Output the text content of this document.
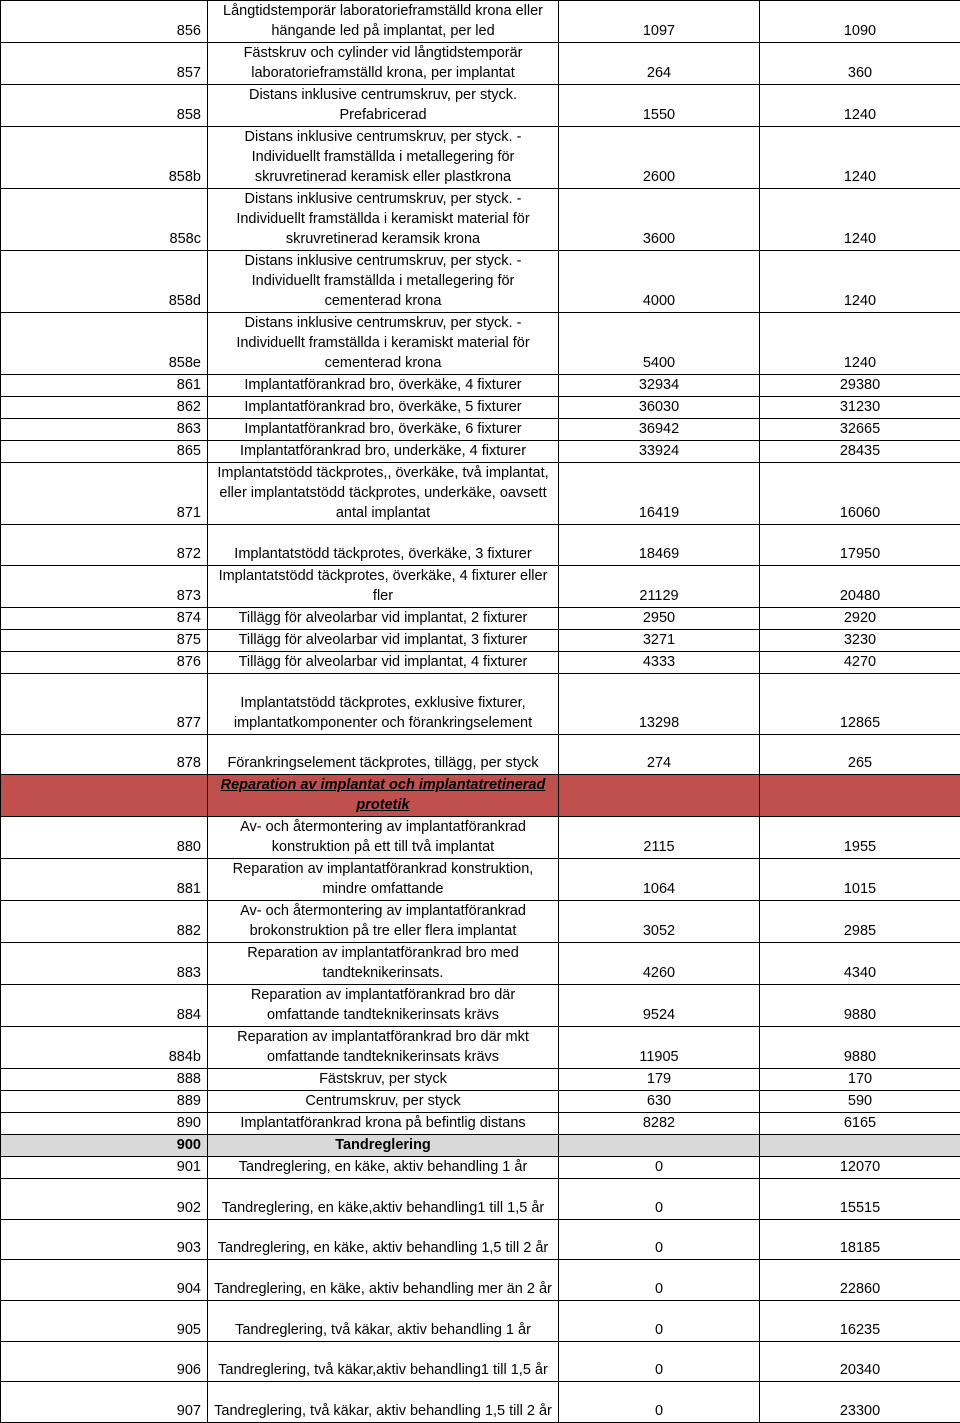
856	Långtidstemporär laboratorieframställd krona eller hängande led på implantat, per led	1097	1090
857	Fästskruv och cylinder vid långtidstemporär laboratorieframställd krona, per implantat	264	360
858	Distans inklusive centrumskruv, per styck. Prefabricerad	1550	1240
858b	Distans inklusive centrumskruv, per styck. - Individuellt framställda i metallegering för skruvretinerad keramisk eller plastkrona	2600	1240
858c	Distans inklusive centrumskruv, per styck. - Individuellt framställda i keramiskt material för skruvretinerad keramsik krona	3600	1240
858d	Distans inklusive centrumskruv, per styck. - Individuellt framställda i metallegering för cementerad krona	4000	1240
858e	Distans inklusive centrumskruv, per styck. - Individuellt framställda i keramiskt material för cementerad krona	5400	1240
861	Implantatförankrad bro, överkäke, 4 fixturer	32934	29380
862	Implantatförankrad bro, överkäke, 5 fixturer	36030	31230
863	Implantatförankrad bro, överkäke, 6 fixturer	36942	32665
865	Implantatförankrad bro, underkäke, 4 fixturer	33924	28435
871	Implantatstödd täckprotes,, överkäke, två implantat, eller implantatstödd täckprotes, underkäke, oavsett antal implantat	16419	16060
872	Implantatstödd täckprotes, överkäke, 3 fixturer	18469	17950
873	Implantatstödd täckprotes, överkäke, 4 fixturer eller fler	21129	20480
874	Tillägg för alveolarbar vid implantat, 2 fixturer	2950	2920
875	Tillägg för alveolarbar vid implantat, 3 fixturer	3271	3230
876	Tillägg för alveolarbar vid implantat, 4 fixturer	4333	4270
877	Implantatstödd täckprotes, exklusive fixturer, implantatkomponenter och förankringselement	13298	12865
878	Förankringselement täckprotes, tillägg, per styck	274	265
	Reparation av implantat och implantatretinerad protetik		
880	Av- och återmontering av implantatförankrad konstruktion på ett till två implantat	2115	1955
881	Reparation av implantatförankrad konstruktion, mindre omfattande	1064	1015
882	Av- och återmontering av implantatförankrad brokonstruktion på tre eller flera implantat	3052	2985
883	Reparation av implantatförankrad bro med tandteknikerinsats.	4260	4340
884	Reparation av implantatförankrad bro där omfattande tandteknikerinsats krävs	9524	9880
884b	Reparation av implantatförankrad bro där mkt omfattande tandteknikerinsats krävs	11905	9880
888	Fästskruv, per styck	179	170
889	Centrumskruv, per styck	630	590
890	Implantatförankrad krona på befintlig distans	8282	6165
900	Tandreglering		
901	Tandreglering, en käke, aktiv behandling 1 år	0	12070
902	Tandreglering, en käke,aktiv behandling1 till 1,5 år	0	15515
903	Tandreglering, en käke, aktiv behandling 1,5 till 2 år	0	18185
904	Tandreglering, en käke, aktiv behandling mer än 2 år	0	22860
905	Tandreglering, två käkar, aktiv behandling 1 år	0	16235
906	Tandreglering, två käkar,aktiv behandling1 till 1,5 år	0	20340
907	Tandreglering, två käkar, aktiv behandling 1,5 till 2 år	0	23300
